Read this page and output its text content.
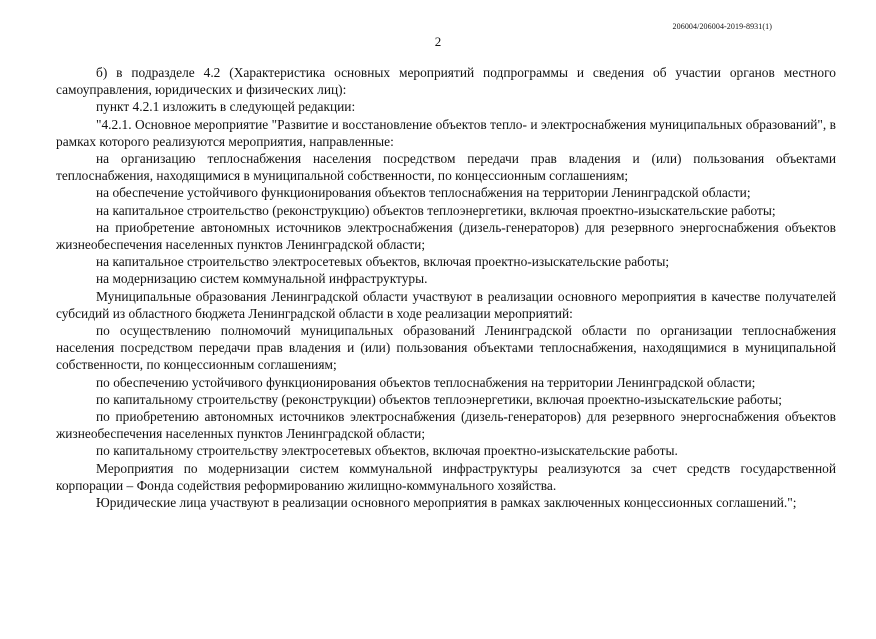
206004/206004-2019-8931(1)
2

б) в подразделе 4.2 (Характеристика основных мероприятий подпрограммы и сведения об участии органов местного самоуправления, юридических и физических лиц):

пункт 4.2.1 изложить в следующей редакции:

"4.2.1. Основное мероприятие "Развитие и восстановление объектов тепло- и электроснабжения муниципальных образований", в рамках которого реализуются мероприятия, направленные:

на организацию теплоснабжения населения посредством передачи прав владения и (или) пользования объектами теплоснабжения, находящимися в муниципальной собственности, по концессионным соглашениям;

на обеспечение устойчивого функционирования объектов теплоснабжения на территории Ленинградской области;

на капитальное строительство (реконструкцию) объектов теплоэнергетики, включая проектно-изыскательские работы;

на приобретение автономных источников электроснабжения (дизель-генераторов) для резервного энергоснабжения объектов жизнеобеспечения населенных пунктов Ленинградской области;

на капитальное строительство электросетевых объектов, включая проектно-изыскательские работы;

на модернизацию систем коммунальной инфраструктуры.

Муниципальные образования Ленинградской области участвуют в реализации основного мероприятия в качестве получателей субсидий из областного бюджета Ленинградской области в ходе реализации мероприятий:

по осуществлению полномочий муниципальных образований Ленинградской области по организации теплоснабжения населения посредством передачи прав владения и (или) пользования объектами теплоснабжения, находящимися в муниципальной собственности, по концессионным соглашениям;

по обеспечению устойчивого функционирования объектов теплоснабжения на территории Ленинградской области;

по капитальному строительству (реконструкции) объектов теплоэнергетики, включая проектно-изыскательские работы;

по приобретению автономных источников электроснабжения (дизель-генераторов) для резервного энергоснабжения объектов жизнеобеспечения населенных пунктов Ленинградской области;

по капитальному строительству электросетевых объектов, включая проектно-изыскательские работы.

Мероприятия по модернизации систем коммунальной инфраструктуры реализуются за счет средств государственной корпорации – Фонда содействия реформированию жилищно-коммунального хозяйства.

Юридические лица участвуют в реализации основного мероприятия в рамках заключенных концессионных соглашений.";
